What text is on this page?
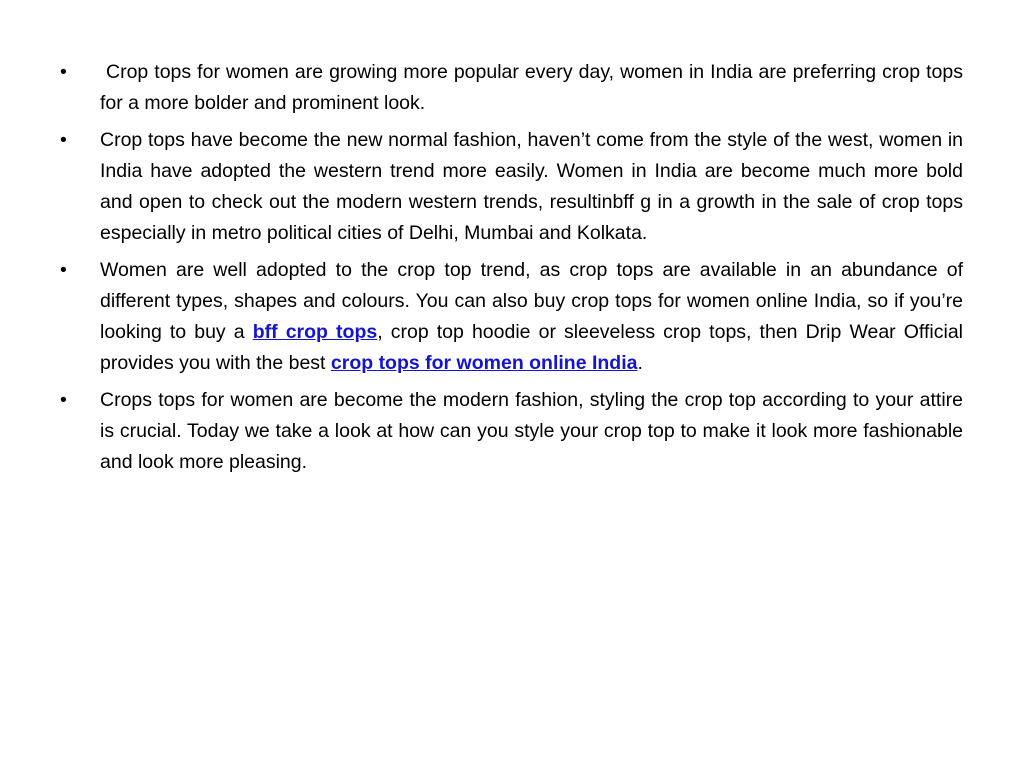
• Crop tops for women are growing more popular every day, women in India are preferring crop tops for a more bolder and prominent look.
• Crop tops have become the new normal fashion, haven’t come from the style of the west, women in India have adopted the western trend more easily. Women in India are become much more bold and open to check out the modern western trends, resultinbff g in a growth in the sale of crop tops especially in metro political cities of Delhi, Mumbai and Kolkata.
• Women are well adopted to the crop top trend, as crop tops are available in an abundance of different types, shapes and colours. You can also buy crop tops for women online India, so if you’re looking to buy a bff crop tops, crop top hoodie or sleeveless crop tops, then Drip Wear Official provides you with the best crop tops for women online India.
• Crops tops for women are become the modern fashion, styling the crop top according to your attire is crucial. Today we take a look at how can you style your crop top to make it look more fashionable and look more pleasing.
